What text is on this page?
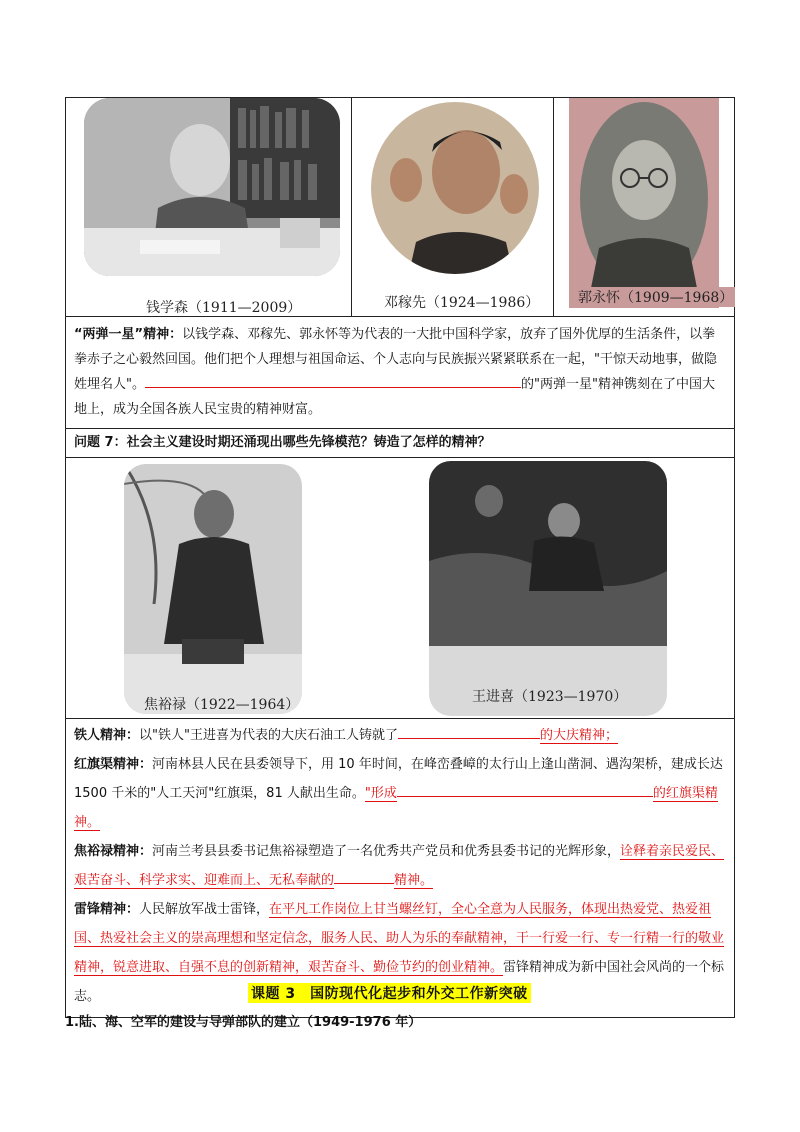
钱学森（1911—2009）	邓稼先（1924—1986）	郭永怀（1909—1968）
“两弹一星”精神：以钱学森、邓稼先、郭永怀等为代表的一大批中国科学家，放弃了国外优厚的生活条件，以拳拳赤子之心毅然回国。他们把个人理想与祖国命运、个人志向与民族振兴紧紧联系在一起，"干惊天动地事，做隐姓埋名人"。	的"两弹一星"精神镌刻在了中国大地上，成为全国各族人民宝贵的精神财富。
问题 7：社会主义建设时期还涌现出哪些先锋模范？铸造了怎样的精神？
焦裕禄（1922—1964）	王进喜（1923—1970）
铁人精神：以"铁人"王进喜为代表的大庆石油工人铸就了	的大庆精神；
红旗渠精神：河南林县人民在县委领导下，用 10 年时间，在峰峦叠嶂的太行山上逢山凿洞、遇沟架桥，建成长达 1500 千米的"人工天河"红旗渠，81 人献出生命。"形成	的红旗渠精神。
焦裕禄精神：河南兰考县县委书记焦裕禄塑造了一名优秀共产党员和优秀县委书记的光辉形象，诠释着亲民爱民、艰苦奋斗、科学求实、迎难而上、无私奉献的	精神。
雷锋精神：人民解放军战士雷锋，在平凡工作岗位上甘当螺丝钉，全心全意为人民服务，体现出热爱党、热爱祖国、热爱社会主义的崇高理想和坚定信念，服务人民、助人为乐的奉献精神，干一行爱一行、专一行精一行的敬业精神，锐意进取、自强不息的创新精神，艰苦奋斗、勤俭节约的创业精神。雷锋精神成为新中国社会风尚的一个标志。	课题 3　国防现代化起步和外交工作新突破
1.陆、海、空军的建设与导弹部队的建立（1949-1976 年）
